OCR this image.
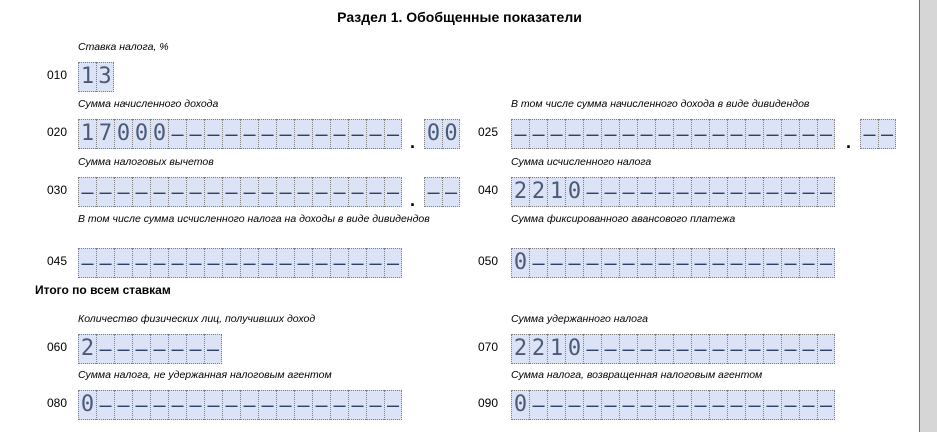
Раздел 1. Обобщенные показатели
Ставка налога, %
010 1 3
Сумма начисленного дохода
020 1 7 0 0 0 – – – – – – – – – – – – – . 0 0
В том числе сумма начисленного дохода в виде дивидендов
025 – – – – – – – – – – – – – – – – – – . – –
Сумма налоговых вычетов
030 – – – – – – – – – – – – – – – – – – . – –
Сумма исчисленного налога
040 2 2 1 0 – – – – – – – – – – – – – –
В том числе сумма исчисленного налога на доходы в виде дивидендов
045 – – – – – – – – – – – – – – – – – –
Сумма фиксированного авансового платежа
050 0 – – – – – – – – – – – – – – – – –
Итого по всем ставкам
Количество физических лиц, получивших доход
060 2 – – – – – – –
Сумма удержанного налога
070 2 2 1 0 – – – – – – – – – – – – – –
Сумма налога, не удержанная налоговым агентом
080 0 – – – – – – – – – – – – – – – – –
Сумма налога, возвращенная налоговым агентом
090 0 – – – – – – – – – – – – – – – – –
